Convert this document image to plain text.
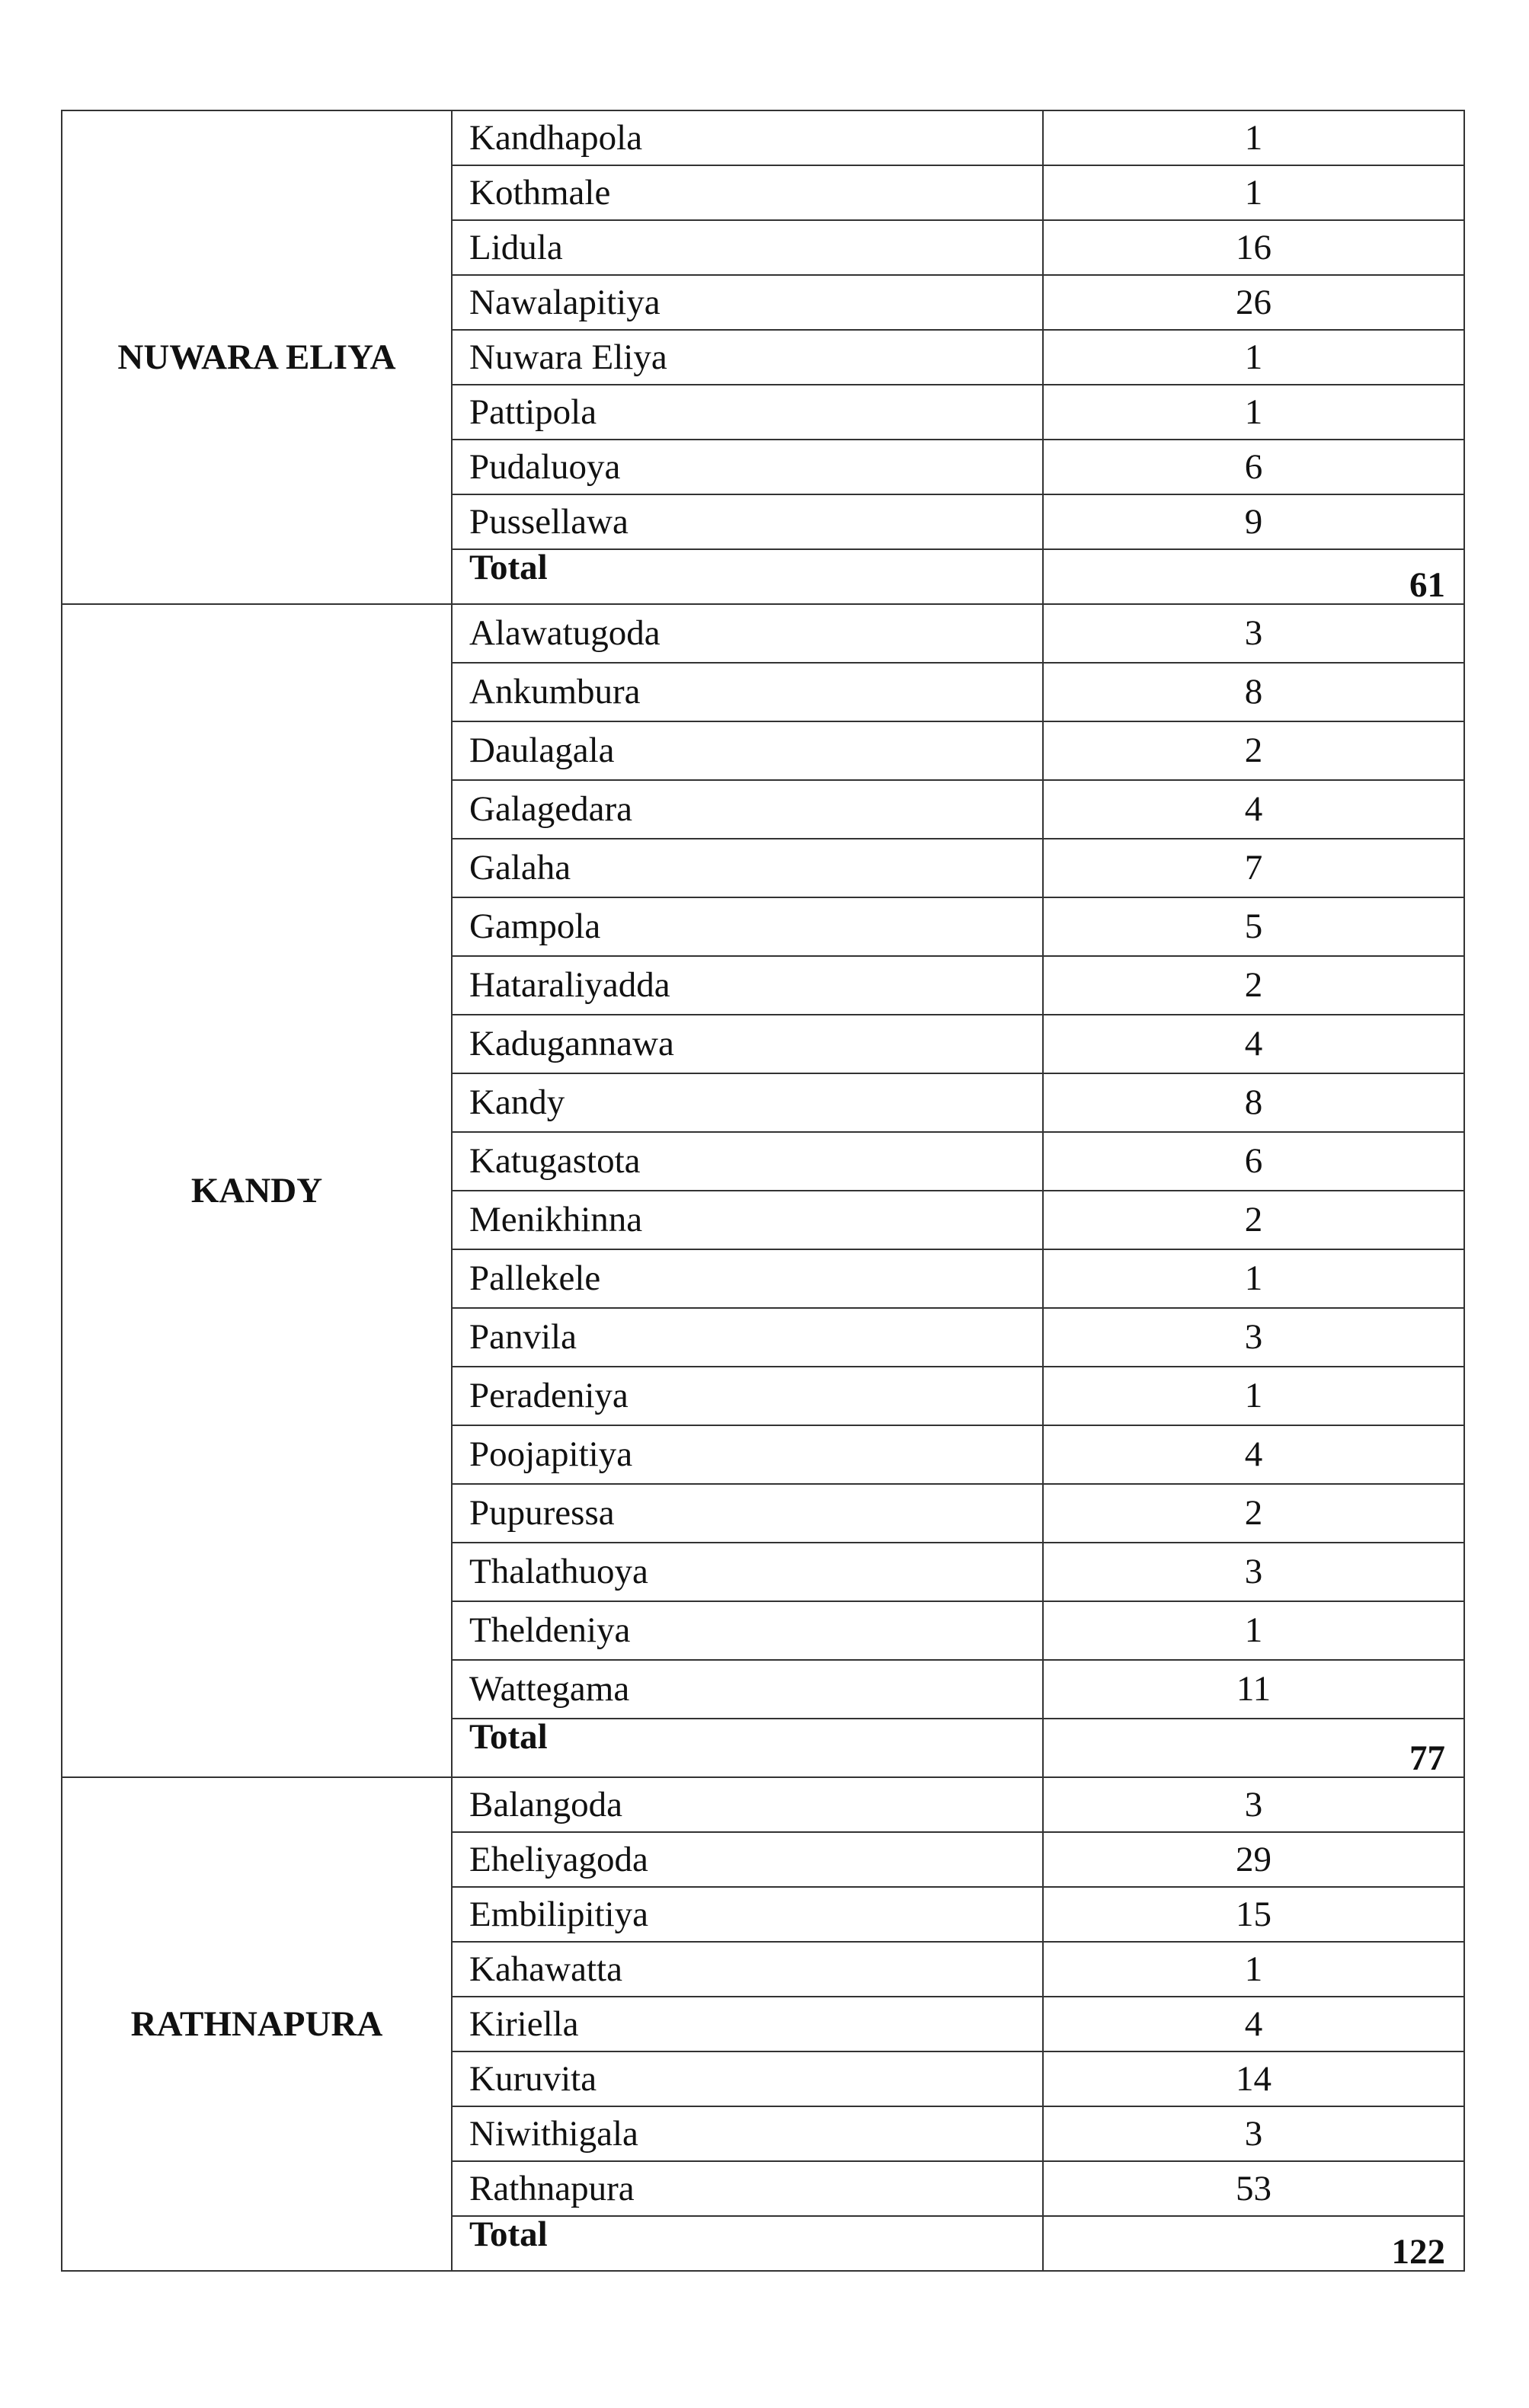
NUWARA ELIYA	Kandhapola	1
	Kothmale	1
	Lidula	16
	Nawalapitiya	26
	Nuwara Eliya	1
	Pattipola	1
	Pudaluoya	6
	Pussellawa	9
	Total	61
KANDY	Alawatugoda	3
	Ankumbura	8
	Daulagala	2
	Galagedara	4
	Galaha	7
	Gampola	5
	Hataraliyadda	2
	Kadugannawa	4
	Kandy	8
	Katugastota	6
	Menikhinna	2
	Pallekele	1
	Panvila	3
	Peradeniya	1
	Poojapitiya	4
	Pupuressa	2
	Thalathuoya	3
	Theldeniya	1
	Wattegama	11
	Total	77
RATHNAPURA	Balangoda	3
	Eheliyagoda	29
	Embilipitiya	15
	Kahawatta	1
	Kiriella	4
	Kuruvita	14
	Niwithigala	3
	Rathnapura	53
	Total	122
